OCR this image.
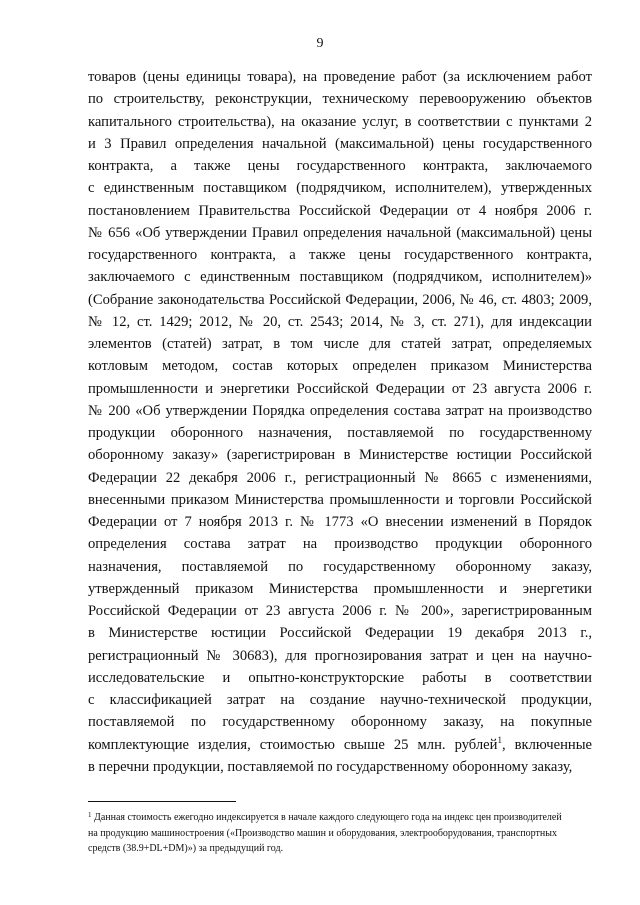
9
товаров (цены единицы товара), на проведение работ (за исключением работ
по строительству, реконструкции, техническому перевооружению объектов
капитального строительства), на оказание услуг, в соответствии с пунктами 2
и 3 Правил определения начальной (максимальной) цены государственного
контракта, а также цены государственного контракта, заключаемого
с единственным поставщиком (подрядчиком, исполнителем), утвержденных
постановлением Правительства Российской Федерации от 4 ноября 2006 г.
№ 656 «Об утверждении Правил определения начальной (максимальной) цены
государственного контракта, а также цены государственного контракта,
заключаемого с единственным поставщиком (подрядчиком, исполнителем)»
(Собрание законодательства Российской Федерации, 2006, № 46, ст. 4803; 2009,
№ 12, ст. 1429; 2012, № 20, ст. 2543; 2014, № 3, ст. 271), для индексации
элементов (статей) затрат, в том числе для статей затрат, определяемых
котловым методом, состав которых определен приказом Министерства
промышленности и энергетики Российской Федерации от 23 августа 2006 г.
№ 200 «Об утверждении Порядка определения состава затрат на производство
продукции оборонного назначения, поставляемой по государственному
оборонному заказу» (зарегистрирован в Министерстве юстиции Российской
Федерации 22 декабря 2006 г., регистрационный № 8665 с изменениями,
внесенными приказом Министерства промышленности и торговли Российской
Федерации от 7 ноября 2013 г. № 1773 «О внесении изменений в Порядок
определения состава затрат на производство продукции оборонного
назначения, поставляемой по государственному оборонному заказу,
утвержденный приказом Министерства промышленности и энергетики
Российской Федерации от 23 августа 2006 г. № 200», зарегистрированным
в Министерстве юстиции Российской Федерации 19 декабря 2013 г.,
регистрационный № 30683), для прогнозирования затрат и цен на научно-
исследовательские и опытно-конструкторские работы в соответствии
с классификацией затрат на создание научно-технической продукции,
поставляемой по государственному оборонному заказу, на покупные
комплектующие изделия, стоимостью свыше 25 млн. рублей$^1$, включенные
в перечни продукции, поставляемой по государственному оборонному заказу,
$^1$ Данная стоимость ежегодно индексируется в начале каждого следующего года на индекс цен производителей
на продукцию машиностроения («Производство машин и оборудования, электрооборудования, транспортных
средств (38.9+DL+DM)») за предыдущий год.
